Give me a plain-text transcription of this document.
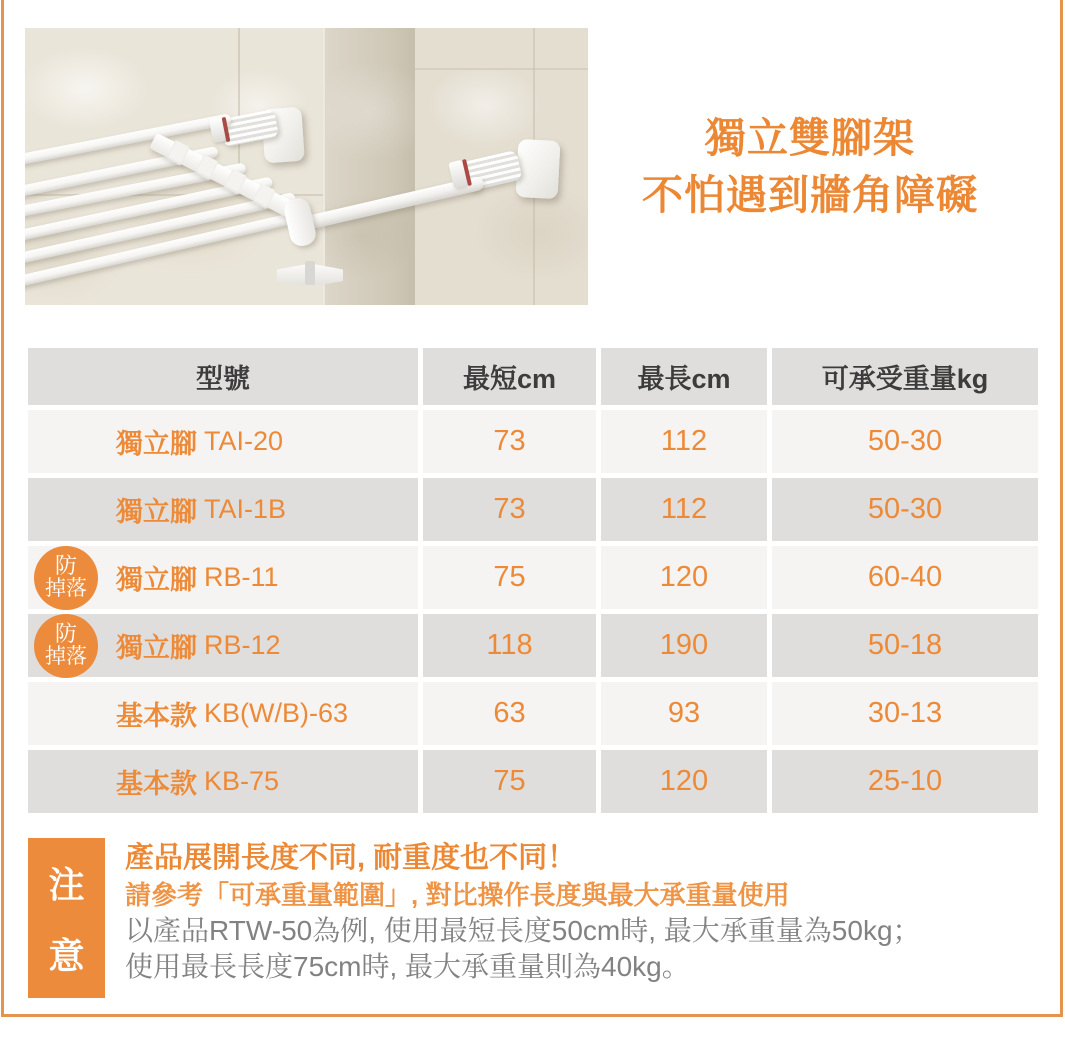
獨立雙腳架
不怕遇到牆角障礙
型號	最短cm	最長cm	可承受重量kg
獨立腳 TAI-20	73	112	50-30
獨立腳 TAI-1B	73	112	50-30
防
掉落 獨立腳 RB-11	75	120	60-40
防
掉落 獨立腳 RB-12	118	190	50-18
基本款 KB(W/B)-63	63	93	30-13
基本款 KB-75	75	120	25-10
注
意
產品展開長度不同, 耐重度也不同！
請參考「可承重量範圍」, 對比操作長度與最大承重量使用
以產品RTW-50為例, 使用最短長度50cm時, 最大承重量為50kg；
使用最長長度75cm時, 最大承重量則為40kg。
